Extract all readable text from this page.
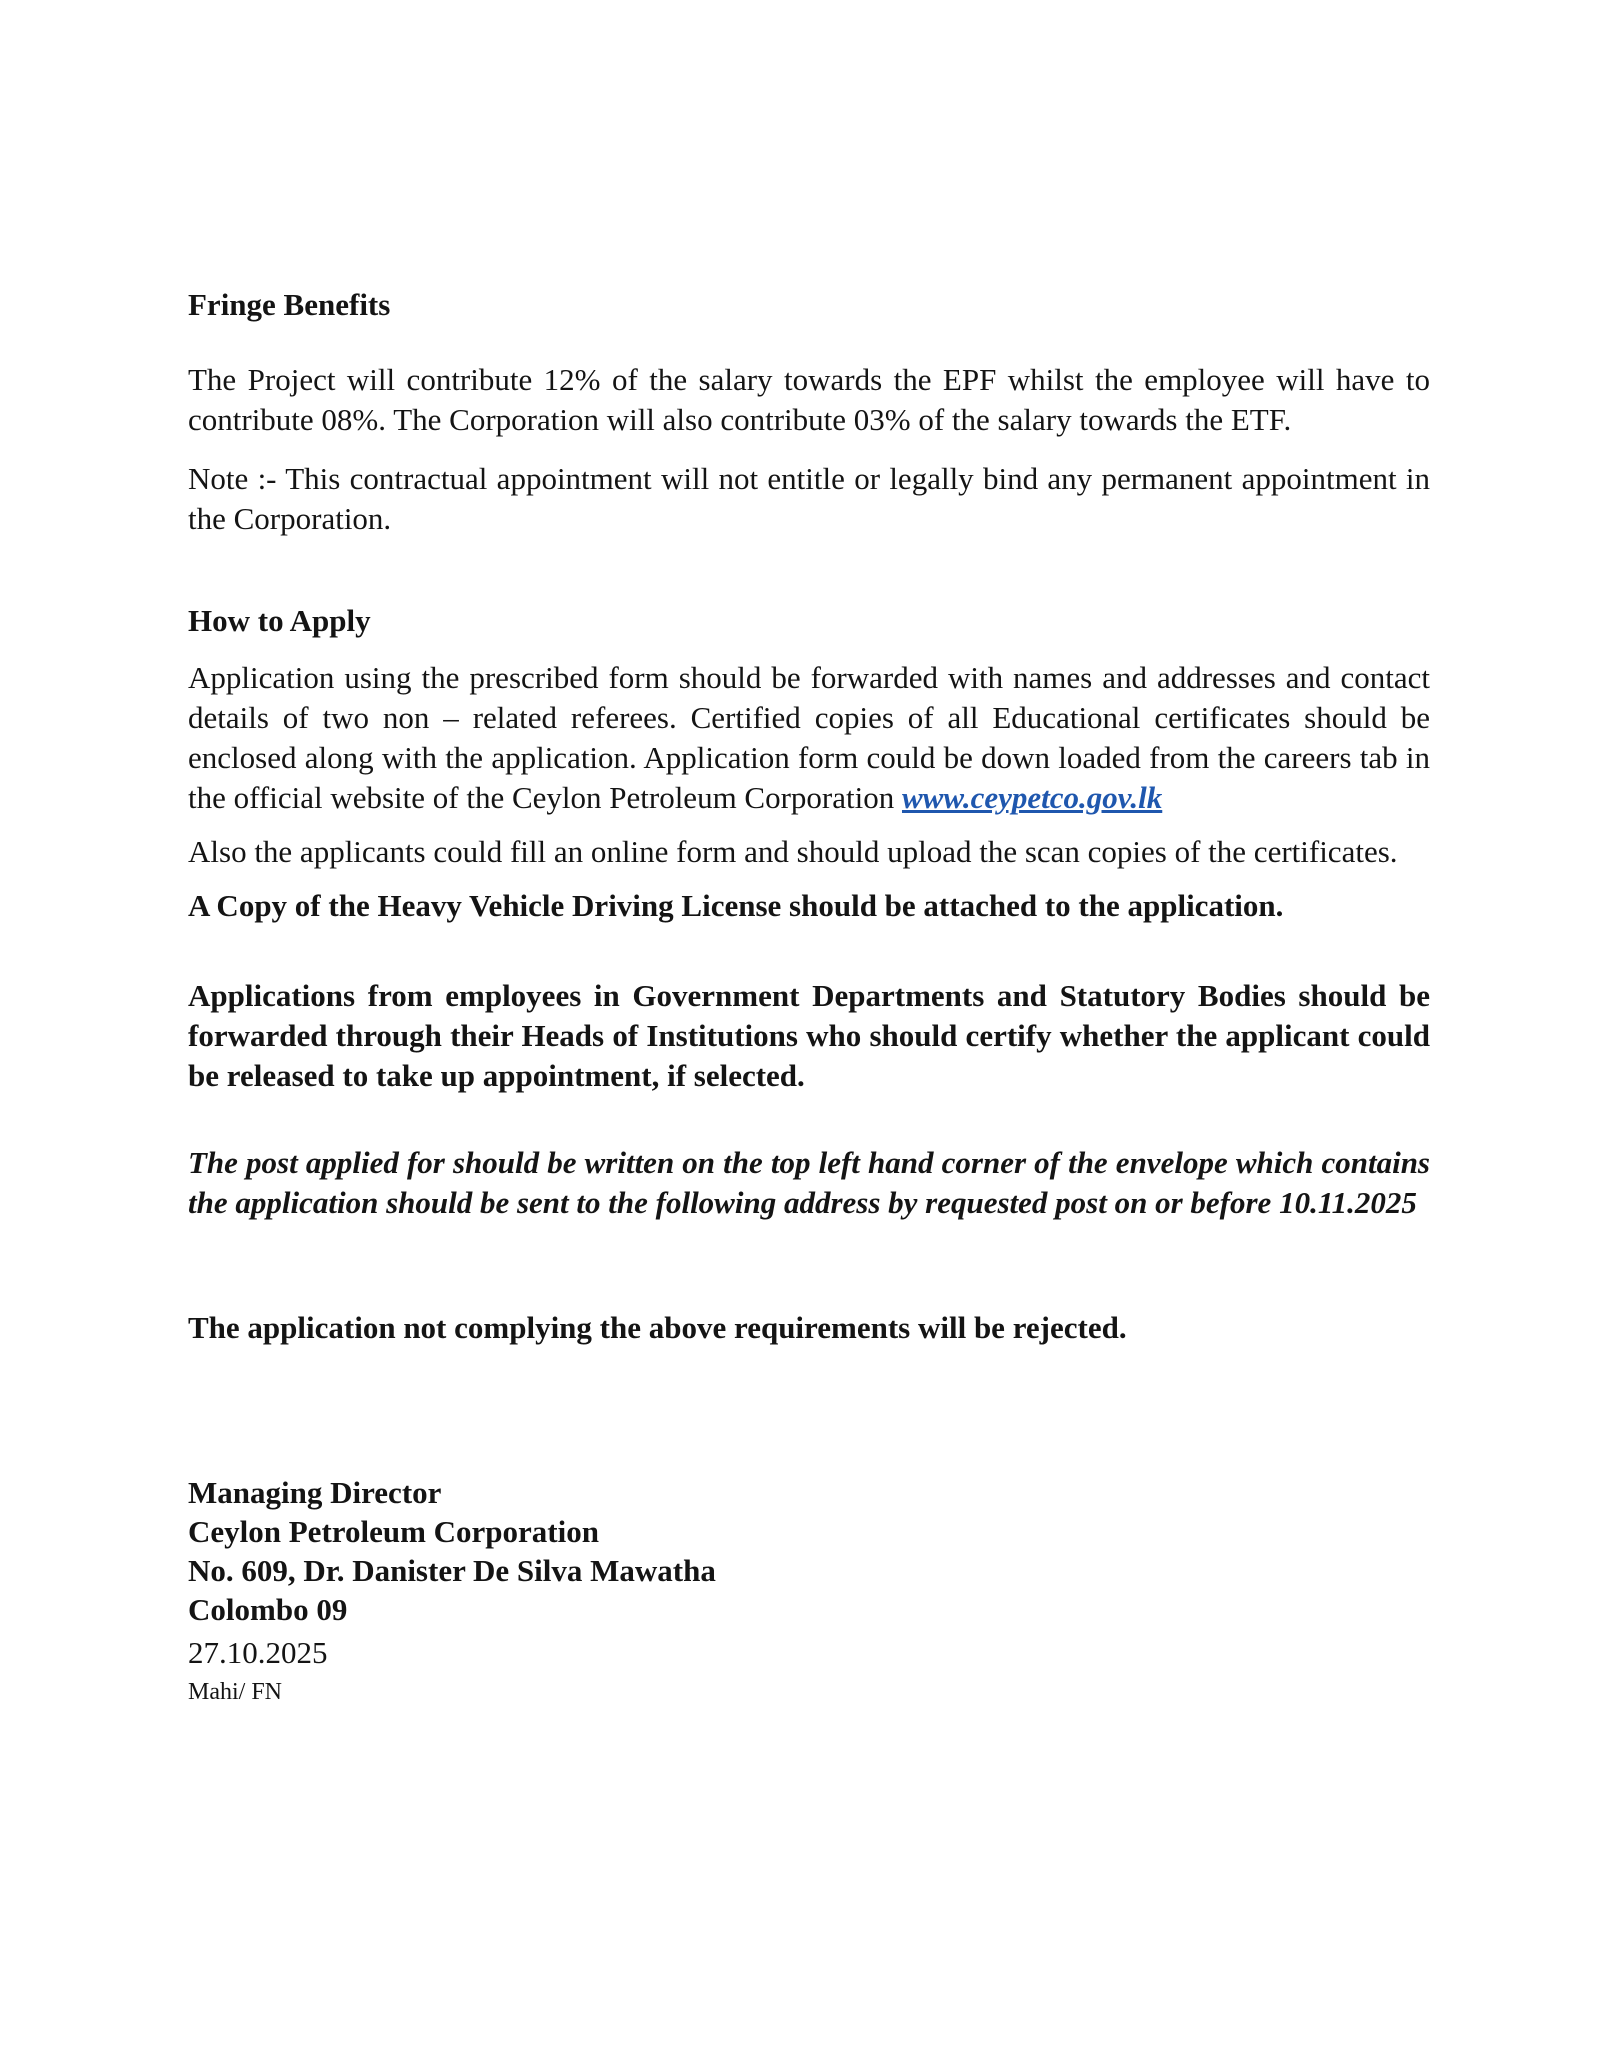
Fringe Benefits

The Project will contribute 12% of the salary towards the EPF whilst the employee will have to contribute 08%. The Corporation will also contribute 03% of the salary towards the ETF.

Note :- This contractual appointment will not entitle or legally bind any permanent appointment in the Corporation.

How to Apply

Application using the prescribed form should be forwarded with names and addresses and contact details of two non – related referees. Certified copies of all Educational certificates should be enclosed along with the application. Application form could be down loaded from the careers tab in the official website of the Ceylon Petroleum Corporation www.ceypetco.gov.lk

Also the applicants could fill an online form and should upload the scan copies of the certificates.

A Copy of the Heavy Vehicle Driving License should be attached to the application.

Applications from employees in Government Departments and Statutory Bodies should be forwarded through their Heads of Institutions who should certify whether the applicant could be released to take up appointment, if selected.

The post applied for should be written on the top left hand corner of the envelope which contains the application should be sent to the following address by requested post on or before 10.11.2025

The application not complying the above requirements will be rejected.

Managing Director
Ceylon Petroleum Corporation
No. 609, Dr. Danister De Silva Mawatha
Colombo 09
27.10.2025
Mahi/ FN
